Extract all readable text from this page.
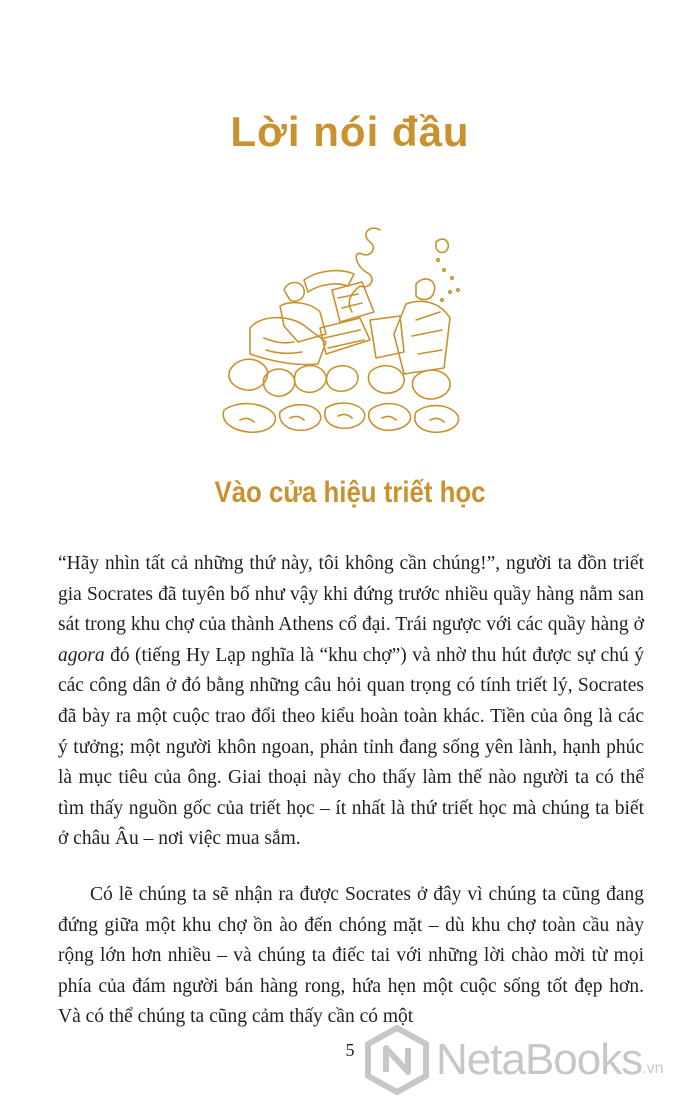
Lời nói đầu
Vào cửa hiệu triết học

“Hãy nhìn tất cả những thứ này, tôi không cần chúng!”, người ta đồn triết gia Socrates đã tuyên bố như vậy khi đứng trước nhiều quầy hàng nằm san sát trong khu chợ của thành Athens cổ đại. Trái ngược với các quầy hàng ở agora đó (tiếng Hy Lạp nghĩa là “khu chợ”) và nhờ thu hút được sự chú ý các công dân ở đó bằng những câu hỏi quan trọng có tính triết lý, Socrates đã bày ra một cuộc trao đổi theo kiểu hoàn toàn khác. Tiền của ông là các ý tưởng; một người khôn ngoan, phản tỉnh đang sống yên lành, hạnh phúc là mục tiêu của ông. Giai thoại này cho thấy làm thế nào người ta có thể tìm thấy nguồn gốc của triết học – ít nhất là thứ triết học mà chúng ta biết ở châu Âu – nơi việc mua sắm.

Có lẽ chúng ta sẽ nhận ra được Socrates ở đây vì chúng ta cũng đang đứng giữa một khu chợ ồn ào đến chóng mặt – dù khu chợ toàn cầu này rộng lớn hơn nhiều – và chúng ta điếc tai với những lời chào mời từ mọi phía của đám người bán hàng rong, hứa hẹn một cuộc sống tốt đẹp hơn. Và có thể chúng ta cũng cảm thấy cần có một

5	NetaBooks .vn
